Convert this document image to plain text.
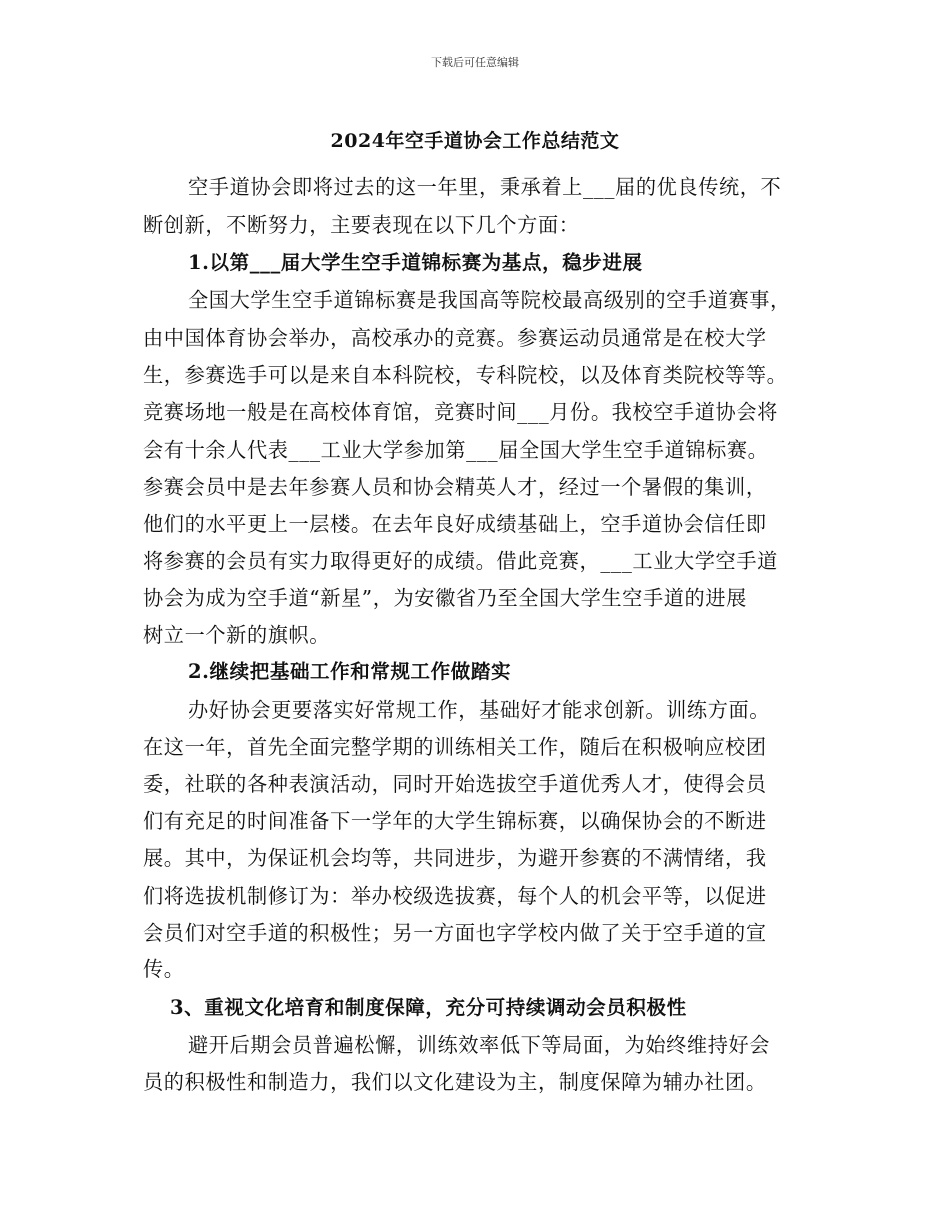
下载后可任意编辑
2024年空手道协会工作总结范文
空手道协会即将过去的这一年里，秉承着上___届的优良传统，不
断创新，不断努力，主要表现在以下几个方面：
1.以第___届大学生空手道锦标赛为基点，稳步进展
全国大学生空手道锦标赛是我国高等院校最高级别的空手道赛事，
由中国体育协会举办，高校承办的竞赛。参赛运动员通常是在校大学
生，参赛选手可以是来自本科院校，专科院校，以及体育类院校等等。
竞赛场地一般是在高校体育馆，竞赛时间___月份。我校空手道协会将
会有十余人代表___工业大学参加第___届全国大学生空手道锦标赛。
参赛会员中是去年参赛人员和协会精英人才，经过一个暑假的集训，
他们的水平更上一层楼。在去年良好成绩基础上，空手道协会信任即
将参赛的会员有实力取得更好的成绩。借此竞赛，___工业大学空手道
协会为成为空手道“新星”，为安徽省乃至全国大学生空手道的进展
树立一个新的旗帜。
2.继续把基础工作和常规工作做踏实
办好协会更要落实好常规工作，基础好才能求创新。训练方面。
在这一年，首先全面完整学期的训练相关工作，随后在积极响应校团
委，社联的各种表演活动，同时开始选拔空手道优秀人才，使得会员
们有充足的时间准备下一学年的大学生锦标赛，以确保协会的不断进
展。其中，为保证机会均等，共同进步，为避开参赛的不满情绪，我
们将选拔机制修订为：举办校级选拔赛，每个人的机会平等，以促进
会员们对空手道的积极性；另一方面也字学校内做了关于空手道的宣
传。
3、重视文化培育和制度保障，充分可持续调动会员积极性
避开后期会员普遍松懈，训练效率低下等局面，为始终维持好会
员的积极性和制造力，我们以文化建设为主，制度保障为辅办社团。
